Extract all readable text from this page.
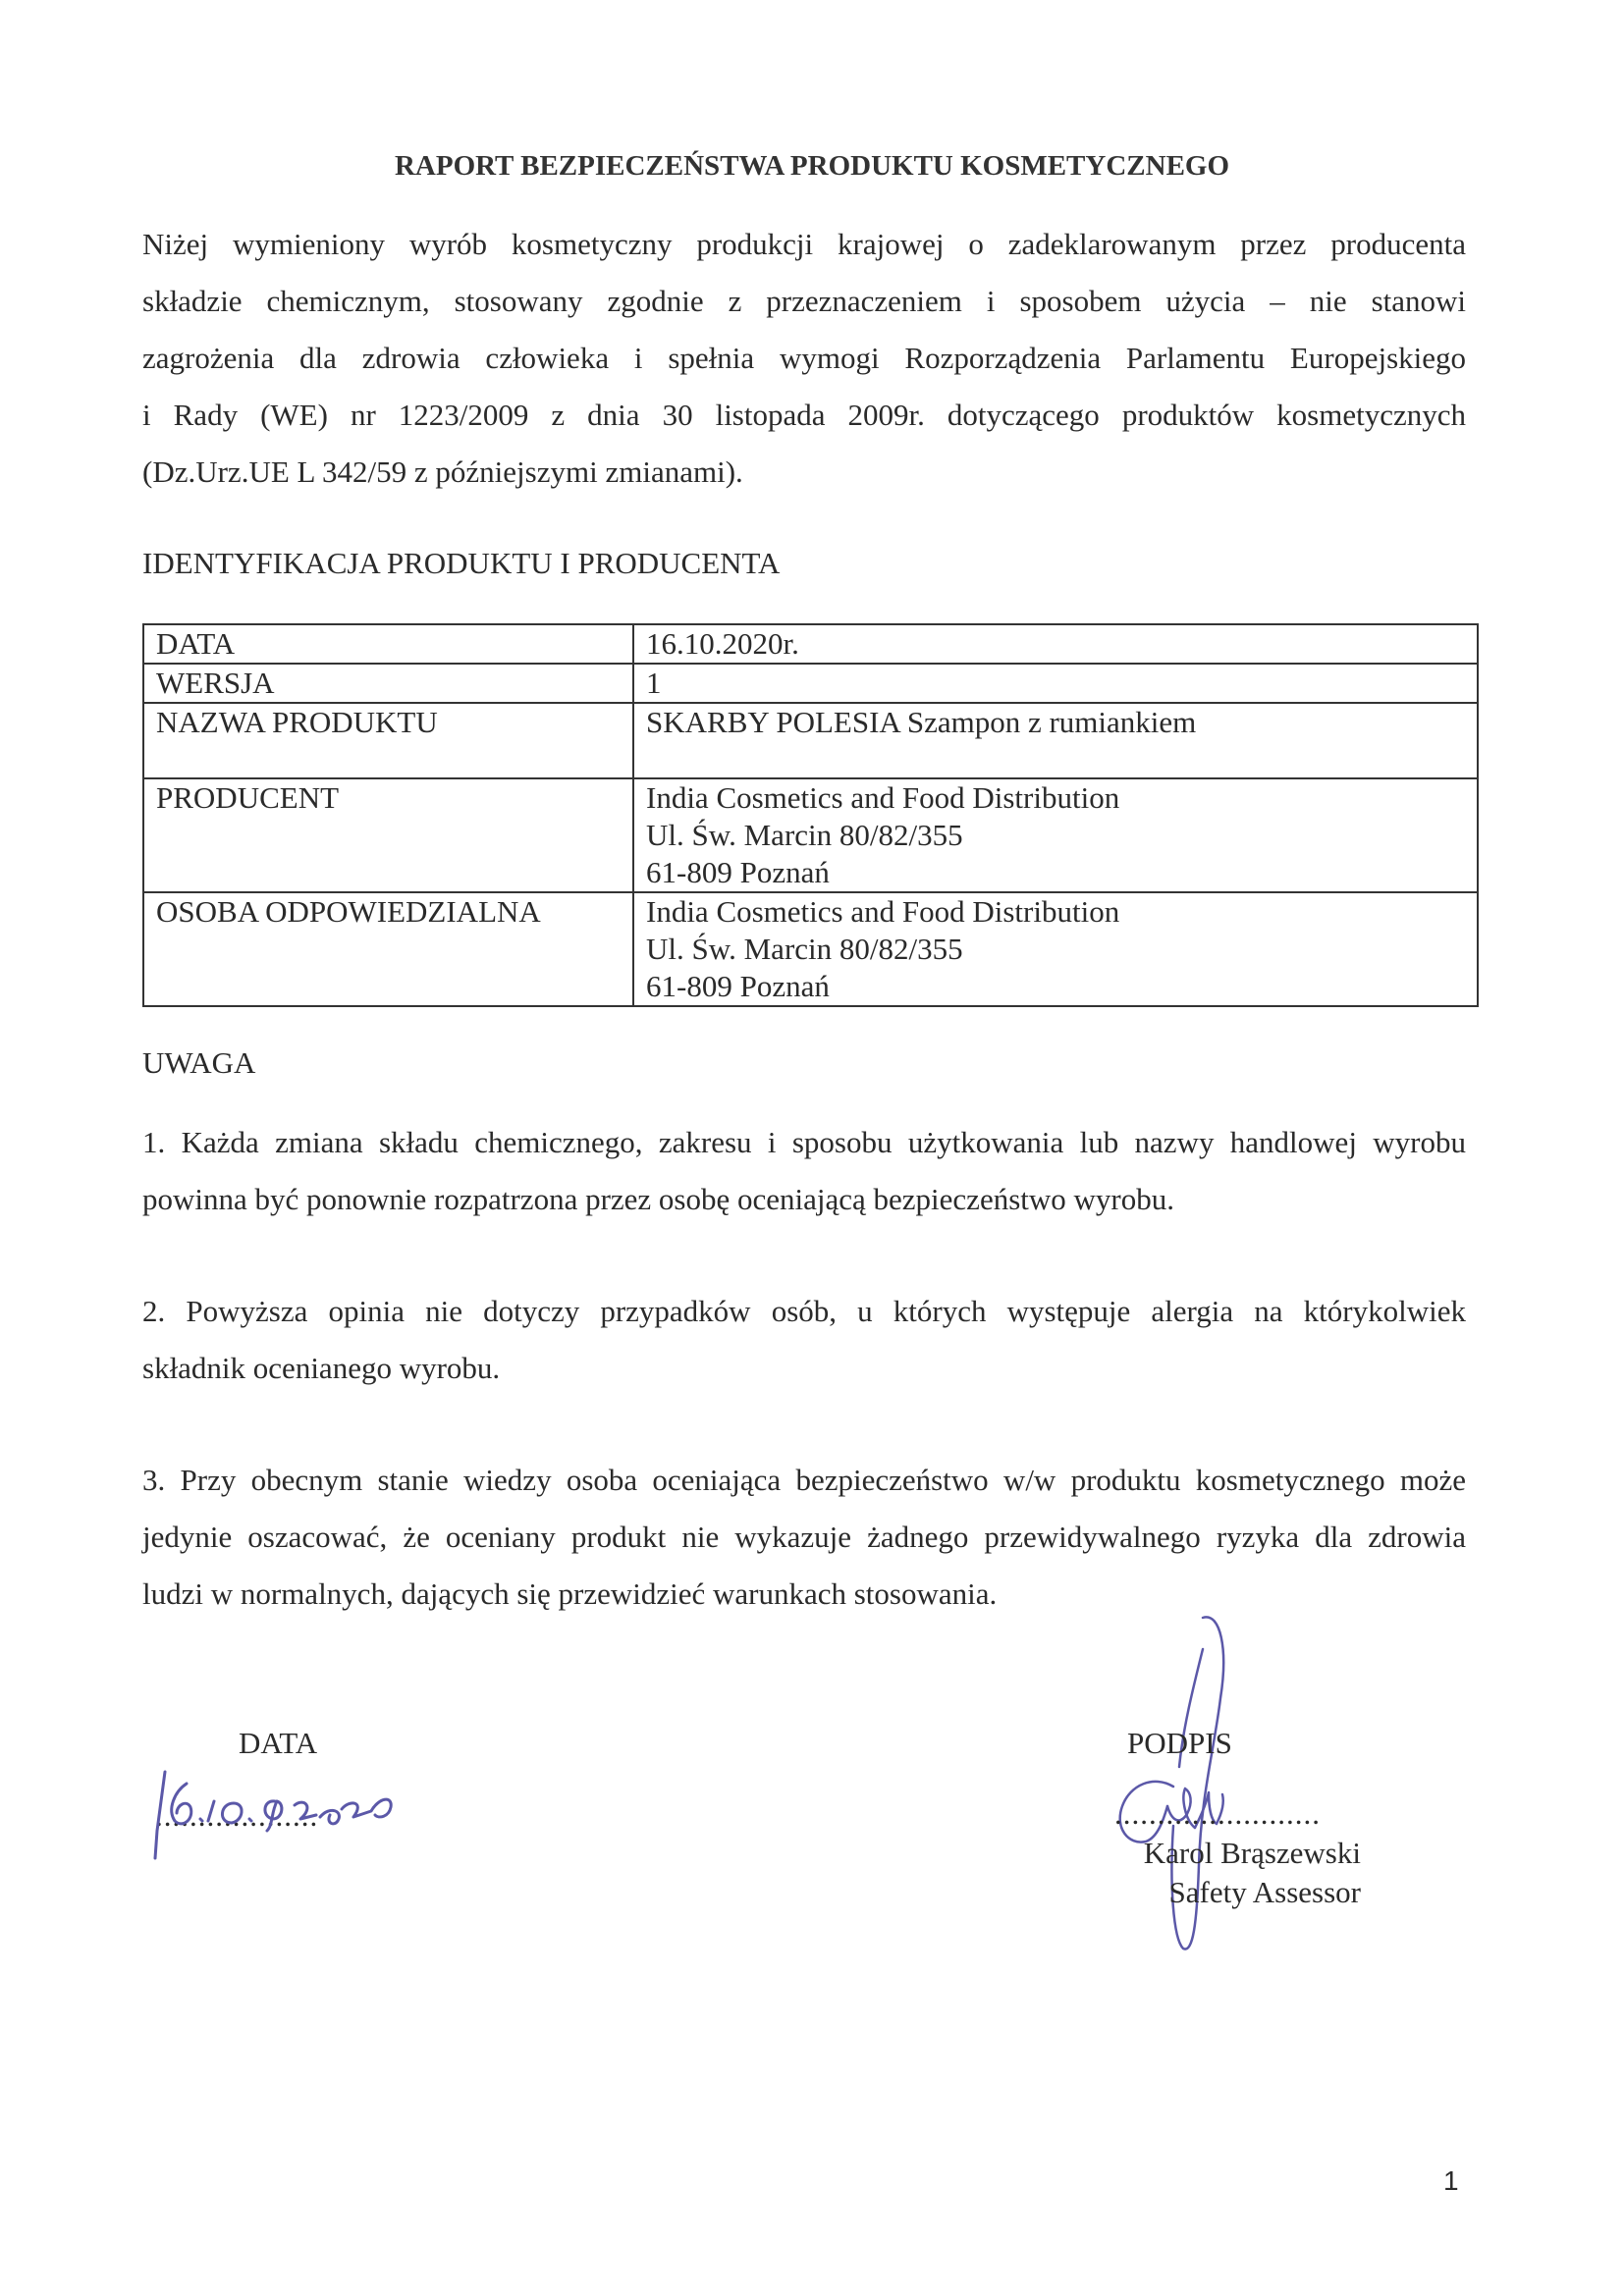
RAPORT BEZPIECZEŃSTWA PRODUKTU KOSMETYCZNEGO
Niżej wymieniony wyrób kosmetyczny produkcji krajowej o zadeklarowanym przez producenta
składzie chemicznym, stosowany zgodnie z przeznaczeniem i sposobem użycia – nie stanowi
zagrożenia dla zdrowia człowieka i spełnia wymogi Rozporządzenia Parlamentu Europejskiego
i Rady (WE) nr 1223/2009 z dnia 30 listopada 2009r. dotyczącego produktów kosmetycznych
(Dz.Urz.UE L 342/59 z późniejszymi zmianami).
IDENTYFIKACJA PRODUKTU I PRODUCENTA
DATA	16.10.2020r.
WERSJA	1
NAZWA PRODUKTU	SKARBY POLESIA Szampon z rumiankiem
PRODUCENT	India Cosmetics and Food Distribution
Ul. Św. Marcin 80/82/355
61-809 Poznań

OSOBA ODPOWIEDZIALNA	India Cosmetics and Food Distribution
Ul. Św. Marcin 80/82/355
61-809 Poznań
UWAGA
1. Każda zmiana składu chemicznego, zakresu i sposobu użytkowania lub nazwy handlowej wyrobu
powinna być ponownie rozpatrzona przez osobę oceniającą bezpieczeństwo wyrobu.
2. Powyższa opinia nie dotyczy przypadków osób, u których występuje alergia na którykolwiek
składnik ocenianego wyrobu.
3. Przy obecnym stanie wiedzy osoba oceniająca bezpieczeństwo w/w produktu kosmetycznego może
jedynie oszacować, że oceniany produkt nie wykazuje żadnego przewidywalnego ryzyka dla zdrowia
ludzi w normalnych, dających się przewidzieć warunkach stosowania.
DATA
...................
PODPIS
........................
Karol Brąszewski
Safety Assessor
1
